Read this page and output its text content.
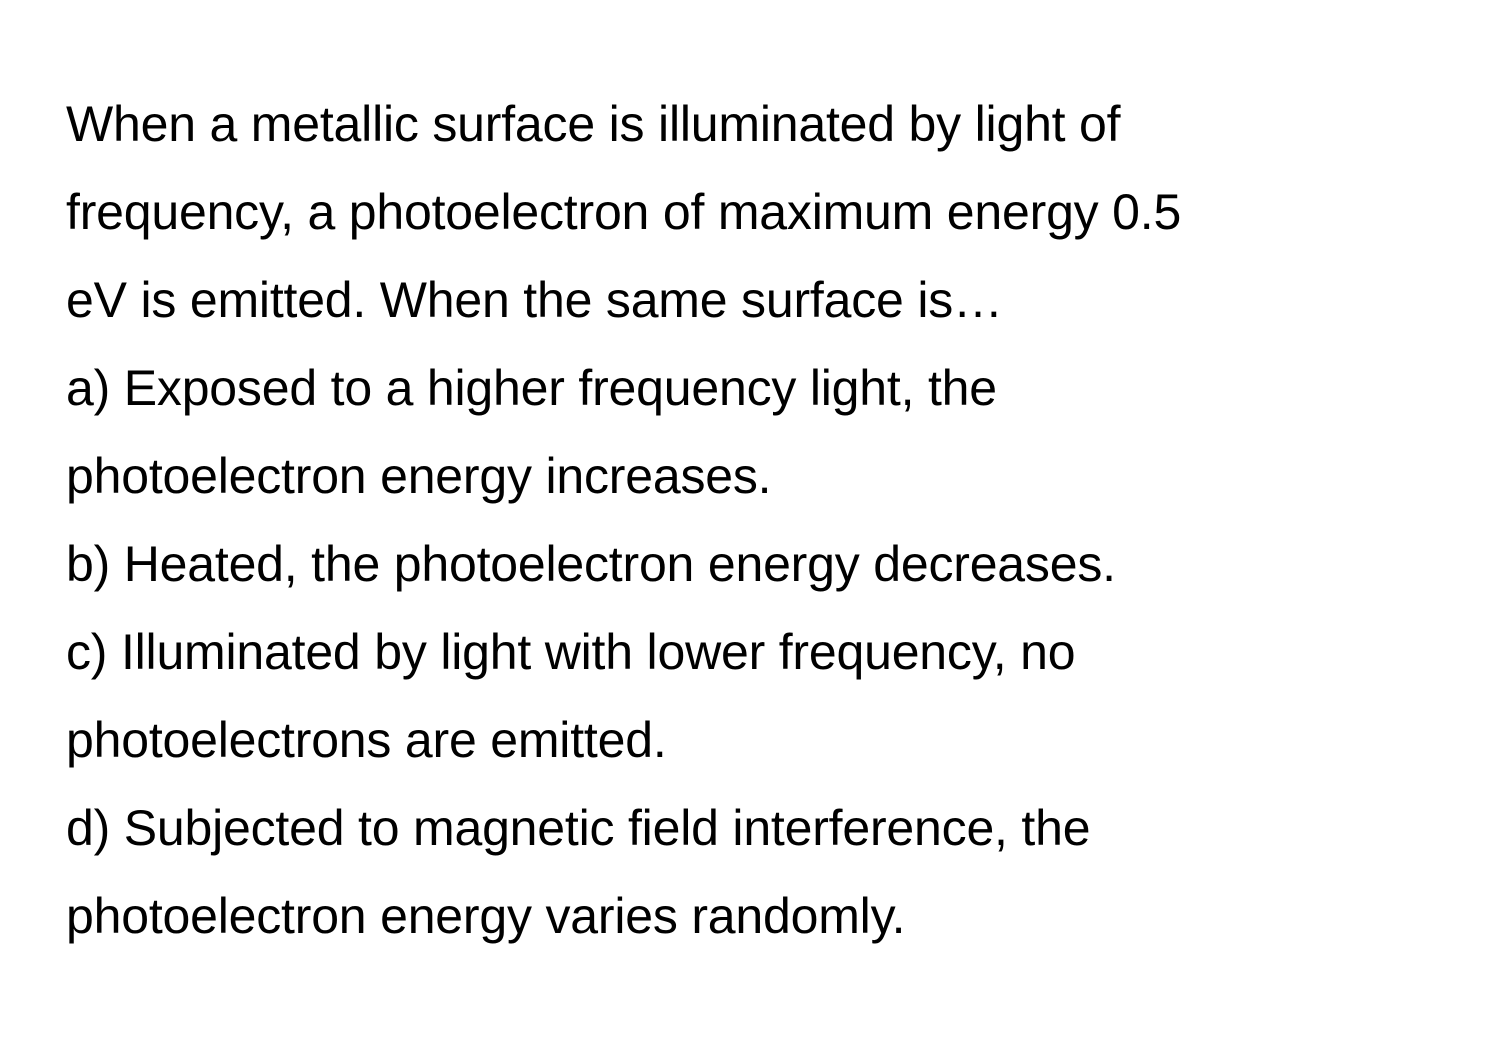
When a metallic surface is illuminated by light of
frequency, a photoelectron of maximum energy 0.5
eV is emitted. When the same surface is…
a) Exposed to a higher frequency light, the
photoelectron energy increases.
b) Heated, the photoelectron energy decreases.
c) Illuminated by light with lower frequency, no
photoelectrons are emitted.
d) Subjected to magnetic field interference, the
photoelectron energy varies randomly.
